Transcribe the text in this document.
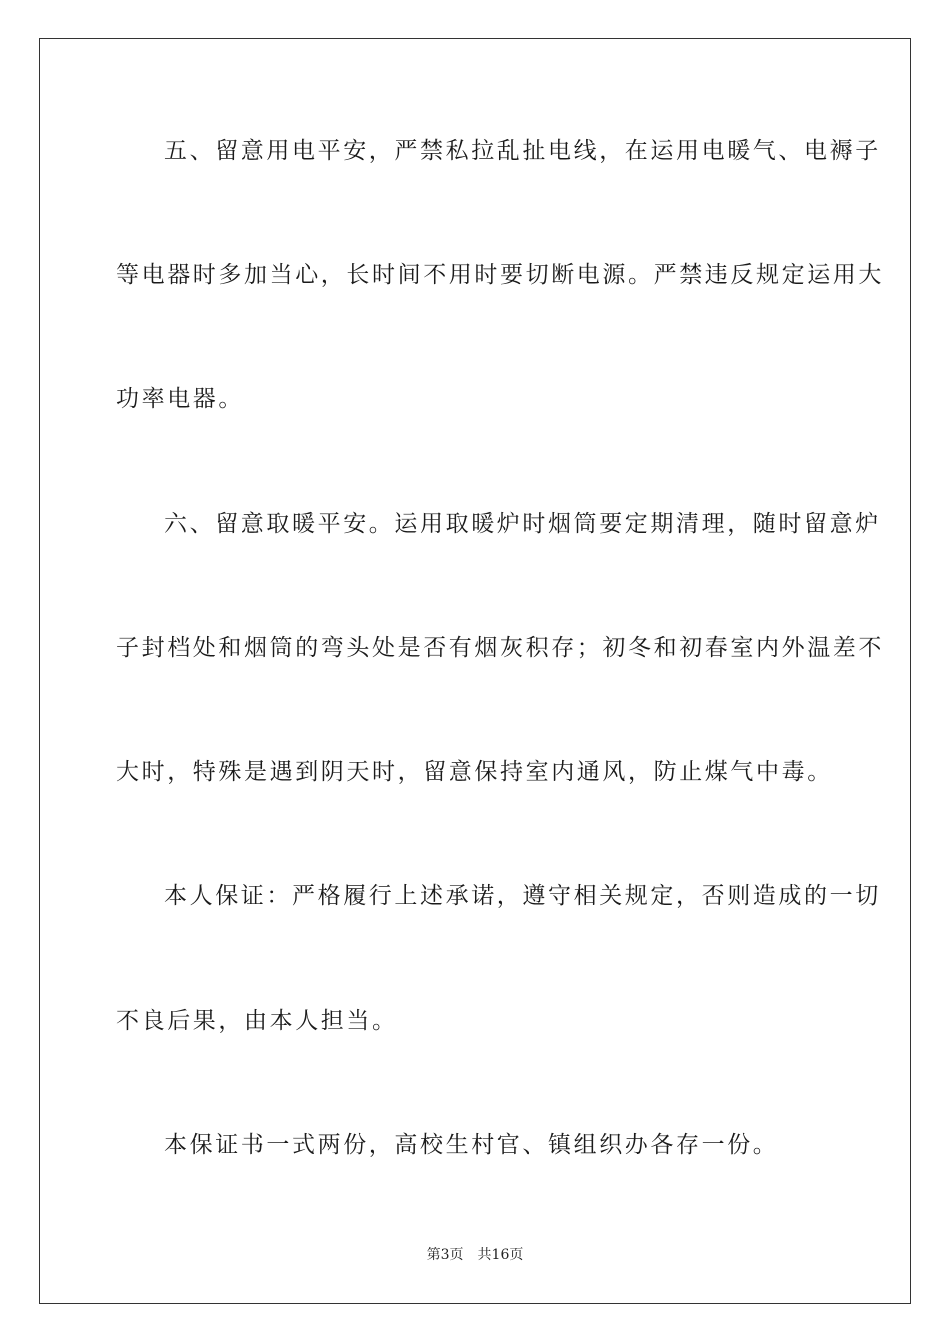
五、留意用电平安，严禁私拉乱扯电线，在运用电暖气、电褥子
等电器时多加当心，长时间不用时要切断电源。严禁违反规定运用大
功率电器。
六、留意取暖平安。运用取暖炉时烟筒要定期清理，随时留意炉
子封档处和烟筒的弯头处是否有烟灰积存；初冬和初春室内外温差不
大时，特殊是遇到阴天时，留意保持室内通风，防止煤气中毒。
本人保证：严格履行上述承诺，遵守相关规定，否则造成的一切
不良后果，由本人担当。
本保证书一式两份，高校生村官、镇组织办各存一份。
第3页 共16页
